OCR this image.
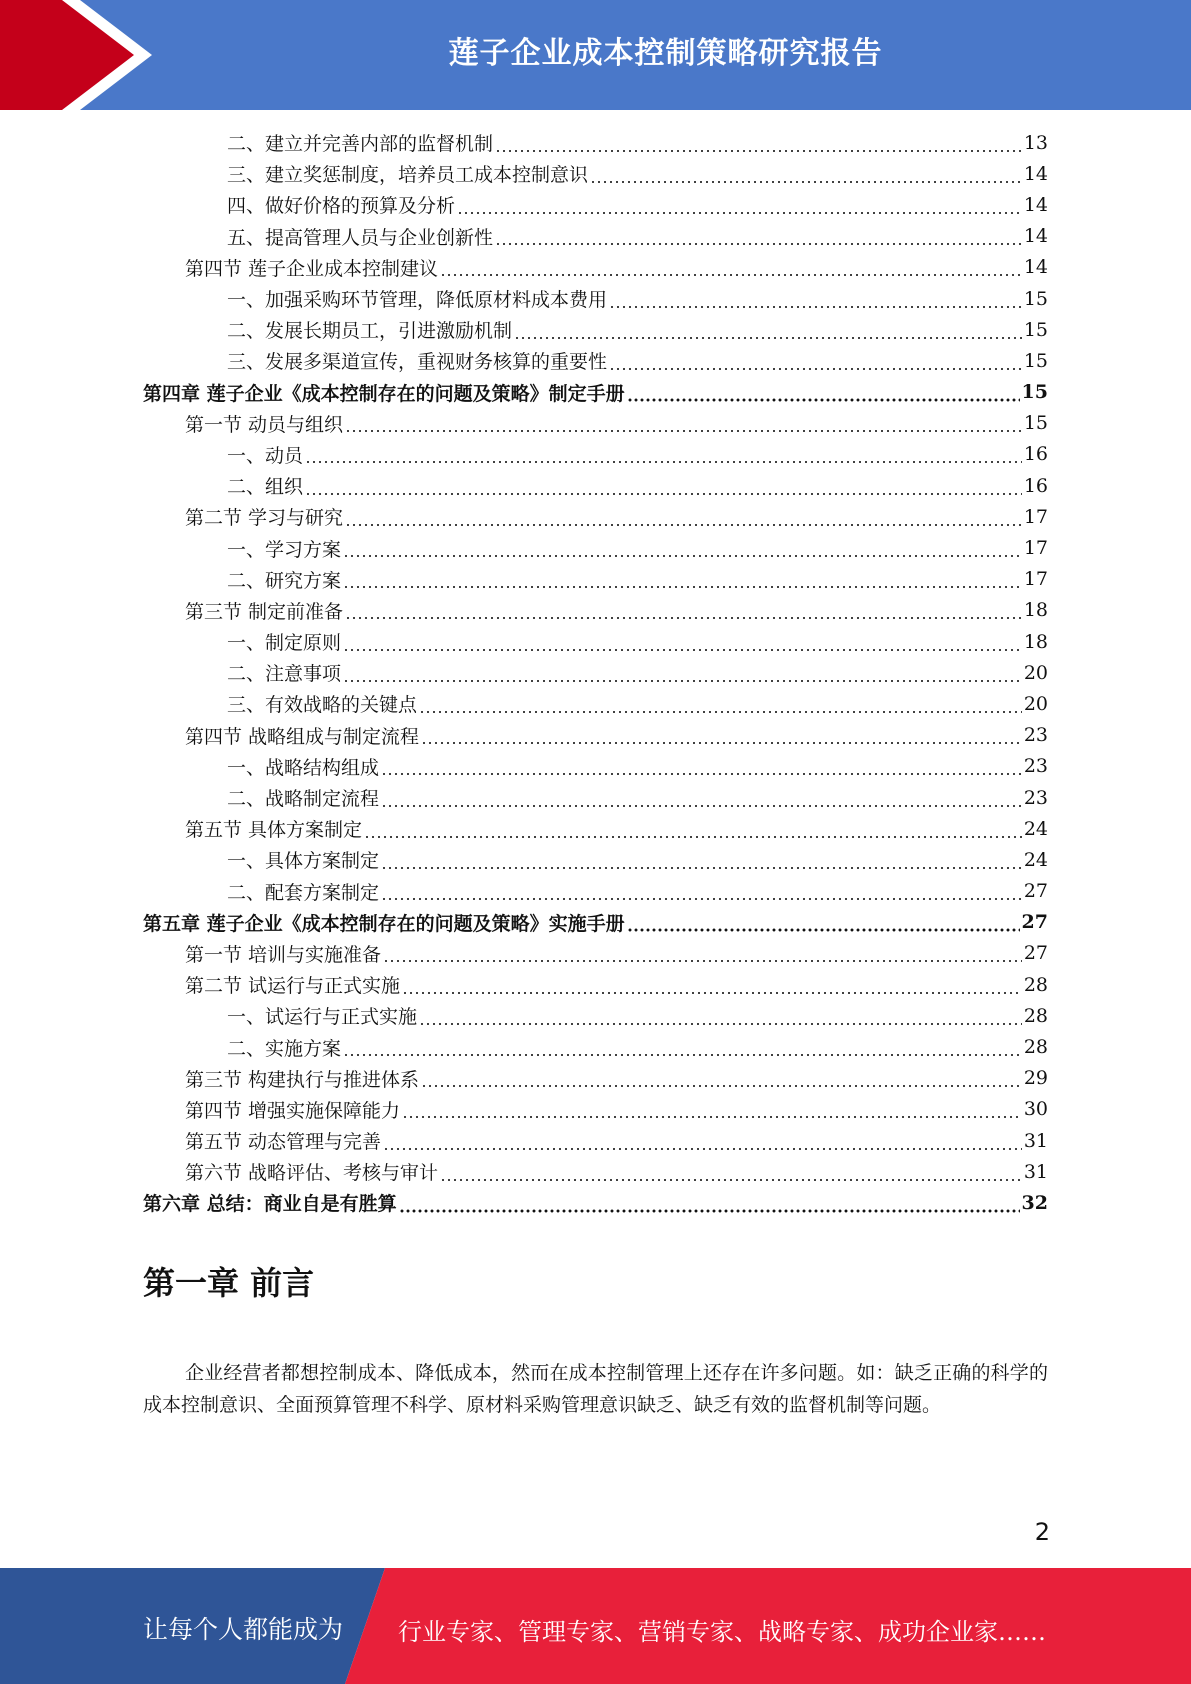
莲子企业成本控制策略研究报告
二、建立并完善内部的监督机制	13
三、建立奖惩制度，培养员工成本控制意识	14
四、做好价格的预算及分析	14
五、提高管理人员与企业创新性	14
第四节 莲子企业成本控制建议	14
一、加强采购环节管理，降低原材料成本费用	15
二、发展长期员工，引进激励机制	15
三、发展多渠道宣传，重视财务核算的重要性	15
第四章 莲子企业《成本控制存在的问题及策略》制定手册	15
第一节 动员与组织	15
一、动员	16
二、组织	16
第二节 学习与研究	17
一、学习方案	17
二、研究方案	17
第三节 制定前准备	18
一、制定原则	18
二、注意事项	20
三、有效战略的关键点	20
第四节 战略组成与制定流程	23
一、战略结构组成	23
二、战略制定流程	23
第五节 具体方案制定	24
一、具体方案制定	24
二、配套方案制定	27
第五章 莲子企业《成本控制存在的问题及策略》实施手册	27
第一节 培训与实施准备	27
第二节 试运行与正式实施	28
一、试运行与正式实施	28
二、实施方案	28
第三节 构建执行与推进体系	29
第四节 增强实施保障能力	30
第五节 动态管理与完善	31
第六节 战略评估、考核与审计	31
第六章 总结：商业自是有胜算	32
第一章 前言

企业经营者都想控制成本、降低成本，然而在成本控制管理上还存在许多问题。如：缺乏正确的科学的成本控制意识、全面预算管理不科学、原材料采购管理意识缺乏、缺乏有效的监督机制等问题。

2
让每个人都能成为 行业专家、管理专家、营销专家、战略专家、成功企业家……
